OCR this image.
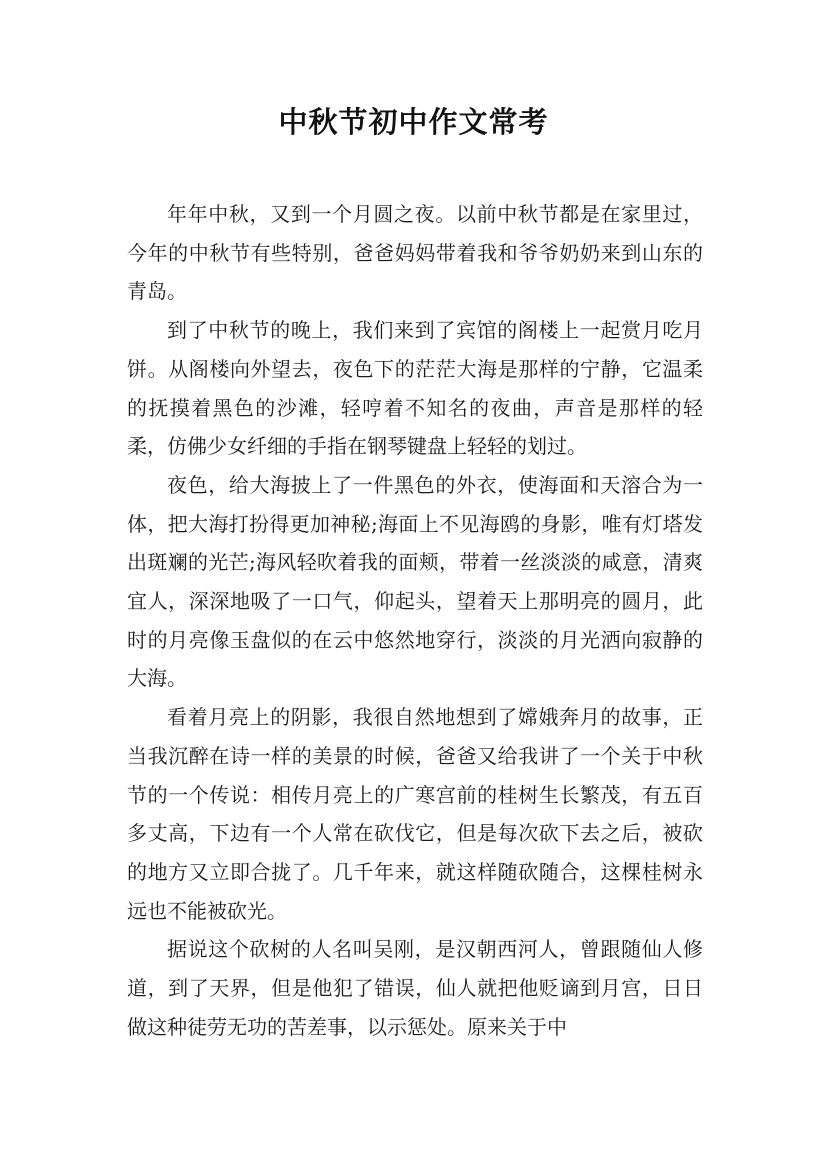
中秋节初中作文常考

年年中秋，又到一个月圆之夜。以前中秋节都是在家里过，今年的中秋节有些特别，爸爸妈妈带着我和爷爷奶奶来到山东的青岛。

到了中秋节的晚上，我们来到了宾馆的阁楼上一起赏月吃月饼。从阁楼向外望去，夜色下的茫茫大海是那样的宁静，它温柔的抚摸着黑色的沙滩，轻哼着不知名的夜曲，声音是那样的轻柔，仿佛少女纤细的手指在钢琴键盘上轻轻的划过。

夜色，给大海披上了一件黑色的外衣，使海面和天溶合为一体，把大海打扮得更加神秘;海面上不见海鸥的身影，唯有灯塔发出斑斓的光芒;海风轻吹着我的面颊，带着一丝淡淡的咸意，清爽宜人，深深地吸了一口气，仰起头，望着天上那明亮的圆月，此时的月亮像玉盘似的在云中悠然地穿行，淡淡的月光洒向寂静的大海。

看着月亮上的阴影，我很自然地想到了嫦娥奔月的故事，正当我沉醉在诗一样的美景的时候，爸爸又给我讲了一个关于中秋节的一个传说：相传月亮上的广寒宫前的桂树生长繁茂，有五百多丈高，下边有一个人常在砍伐它，但是每次砍下去之后，被砍的地方又立即合拢了。几千年来，就这样随砍随合，这棵桂树永远也不能被砍光。

据说这个砍树的人名叫吴刚，是汉朝西河人，曾跟随仙人修道，到了天界，但是他犯了错误，仙人就把他贬谪到月宫，日日做这种徒劳无功的苦差事，以示惩处。原来关于中
